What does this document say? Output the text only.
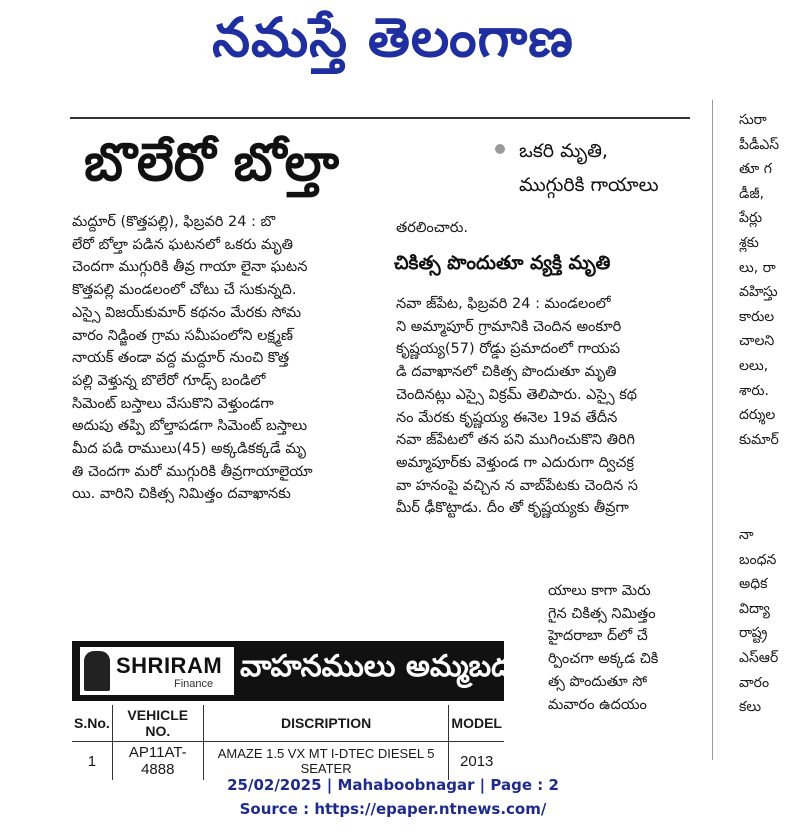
నమస్తే తెలంగాణ
బొలేరో బోల్తా	ఒకరి మృతి,
ముగ్గురికి గాయాలు
మద్దూర్ (కొత్తపల్లి), ఫిబ్రవరి 24 : బొ
లేరో బోల్తా పడిన ఘటనలో ఒకరు మృతి
చెందగా ముగ్గురికి తీవ్ర గాయా లైనా ఘటన
కొత్తపల్లి మండలంలో చోటు చే సుకున్నది.
ఎస్సై విజయ్‌కుమార్ కథనం మేరకు సోమ
వారం నిడ్జింత గ్రామ సమీపంలోని లక్ష్మణ్
నాయక్ తండా వద్ద మద్దూర్ నుంచి కొత్త
పల్లి వెళ్తున్న బొలేరో గూడ్స్ బండిలో
సిమెంట్ బస్తాలు వేసుకొని వెళ్తుండగా
అదుపు తప్పి బోల్తాపడగా సిమెంట్ బస్తాలు
మీద పడి రాములు(45) అక్కడికక్కడే మృ
తి చెందగా మరో ముగ్గురికి తీవ్రగాయాలైయా
యి. వారిని చికిత్స నిమిత్తం దవాఖానకు
తరలించారు.
చికిత్స పొందుతూ వ్యక్తి మృతి
నవా జ్‌పేట, ఫిబ్రవరి 24 : మండలంలో
ని అమ్మాపూర్ గ్రామానికి చెందిన అంకూరి
కృష్ణయ్య(57) రోడ్డు ప్రమాదంలో గాయప
డి దవాఖానలో చికిత్స పొందుతూ మృతి
చెందినట్లు ఎస్సై విక్రమ్ తెలిపారు. ఎస్సై కథ
నం మేరకు కృష్ణయ్య ఈనెల 19వ తేదీన
నవా జ్‌పేటలో తన పని ముగించుకొని తిరిగి
అమ్మాపూర్‌కు వెళ్తుండ గా ఎదురుగా ద్విచక్ర
వా హనంపై వచ్చిన న వాబ్‌పేటకు చెందిన స
మీర్ ఢీకొట్టాడు. దీం తో కృష్ణయ్యకు తీవ్రగా
యాలు కాగా మెరు
గైన చికిత్స నిమిత్తం
హైదరాబా ద్‌లో చే
ర్పించగా అక్కడ చికి
త్స పొందుతూ సో
మవారం ఉదయం
SHRIRAM
Finance వాహనములు అమ్మబడును
S.No.	VEHICLE NO.	DISCRIPTION	MODEL
1	AP11AT-4888	AMAZE 1.5 VX MT I-DTEC DIESEL 5 SEATER	2013
సురా
పీడీఎస్
తూ గ
డీజీ,
పేర్లు
శ్లకు
లు, రా
వహిస్తు
కారుల
చాలని
లలు,
శారు.
దర్శుల
కుమార్
నా
బంధన
అధిక
విద్యా
రాష్ట్ర
ఎస్ఆర్
వారం
కలు
25/02/2025 | Mahaboobnagar | Page : 2
Source : https://epaper.ntnews.com/
